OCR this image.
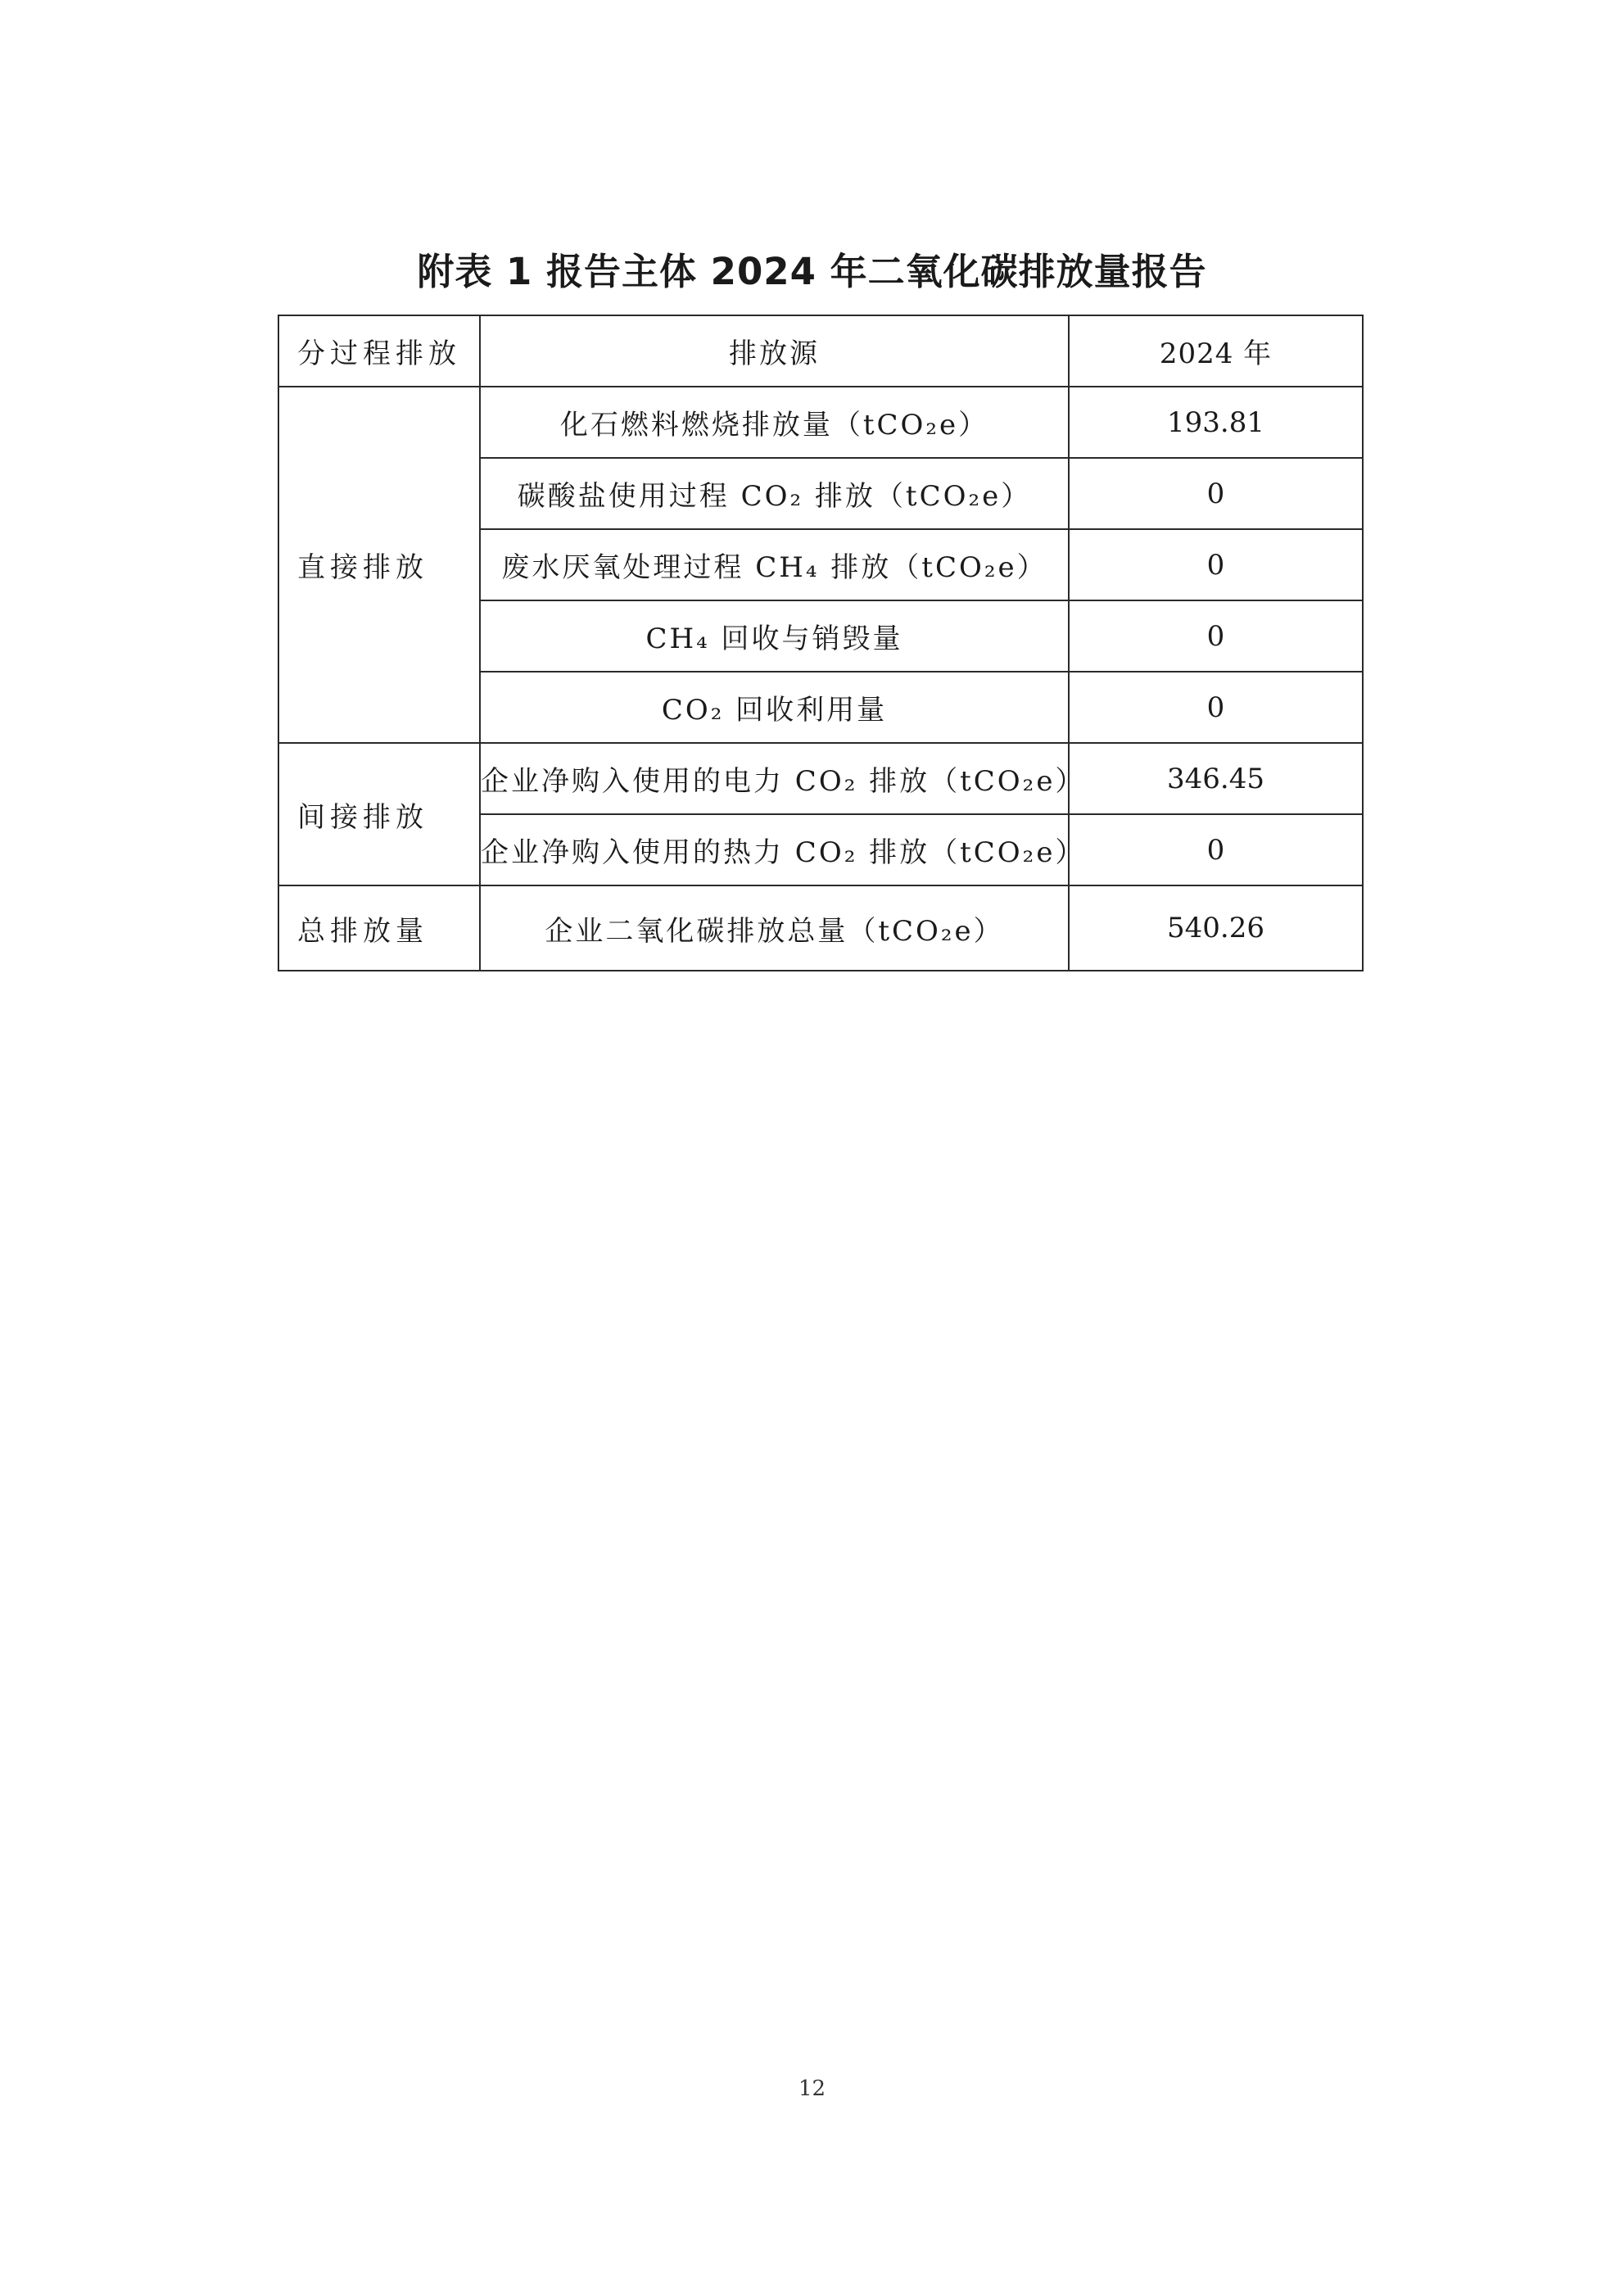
附表 1 报告主体 2024 年二氧化碳排放量报告
分过程排放	排放源	2024 年
直接排放	化石燃料燃烧排放量（tCO₂e）	193.81
	碳酸盐使用过程 CO₂ 排放（tCO₂e）	0
	废水厌氧处理过程 CH₄ 排放（tCO₂e）	0
	CH₄ 回收与销毁量	0
	CO₂ 回收利用量	0
间接排放	企业净购入使用的电力 CO₂ 排放（tCO₂e）	346.45
	企业净购入使用的热力 CO₂ 排放（tCO₂e）	0
总排放量	企业二氧化碳排放总量（tCO₂e）	540.26
12
